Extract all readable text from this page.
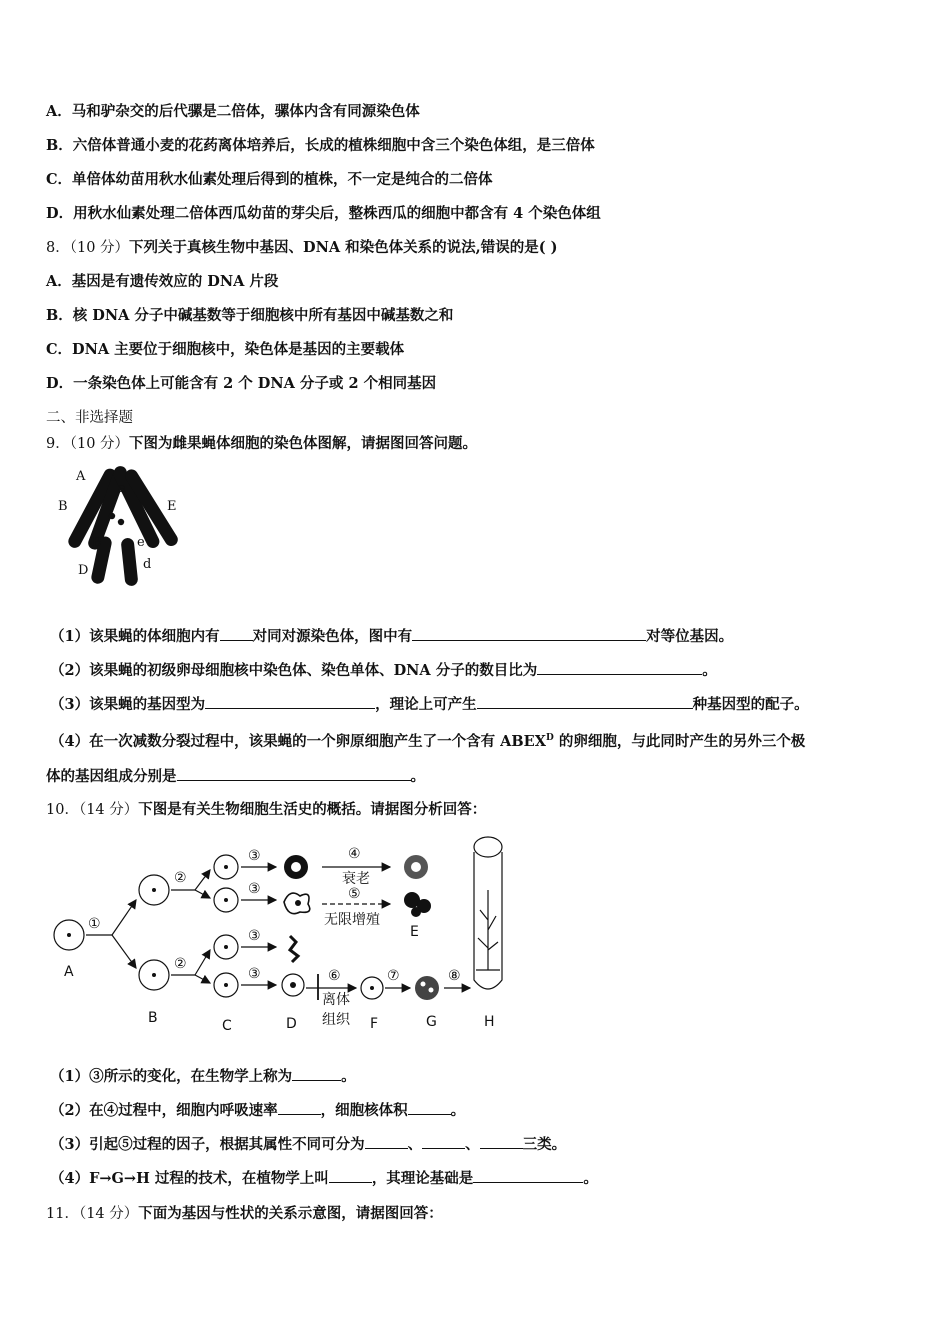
A．马和驴杂交的后代骡是二倍体，骡体内含有同源染色体
B．六倍体普通小麦的花药离体培养后，长成的植株细胞中含三个染色体组，是三倍体
C．单倍体幼苗用秋水仙素处理后得到的植株，不一定是纯合的二倍体
D．用秋水仙素处理二倍体西瓜幼苗的芽尖后，整株西瓜的细胞中都含有 4 个染色体组
8．（10 分）下列关于真核生物中基因、DNA 和染色体关系的说法,错误的是( )
A．基因是有遗传效应的 DNA 片段
B．核 DNA 分子中碱基数等于细胞核中所有基因中碱基数之和
C．DNA 主要位于细胞核中，染色体是基因的主要载体
D．一条染色体上可能含有 2 个 DNA 分子或 2 个相同基因
二、非选择题
9．（10 分）下图为雌果蝇体细胞的染色体图解，请据图回答问题。
A
a
B	E
B	e
D	d
（1）该果蝇的体细胞内有 对同对源染色体，图中有	对等位基因。
（2）该果蝇的初级卵母细胞核中染色体、染色单体、DNA 分子的数目比为	。
（3）该果蝇的基因型为	，理论上可产生	种基因型的配子。
（4）在一次减数分裂过程中，该果蝇的一个卵原细胞产生了一个含有 $ABEX^D$ 的卵细胞，与此同时产生的另外三个极
体的基因组成分别是	。
10．（14 分）下图是有关生物细胞生活史的概括。请据图分析回答：
①
②
②
③
③
③
③
④
衰老
⑤
无限增殖
⑥
离体
组织
⑦	⑧
A
B	C	D
E
F	G	H
（1）③所示的变化，在生物学上称为	。
（2）在④过程中，细胞内呼吸速率	，细胞核体积	。
（3）引起⑤过程的因子，根据其属性不同可分为	、	、	三类。
（4）F→G→H 过程的技术，在植物学上叫	，其理论基础是	。
11．（14 分）下面为基因与性状的关系示意图，请据图回答：
